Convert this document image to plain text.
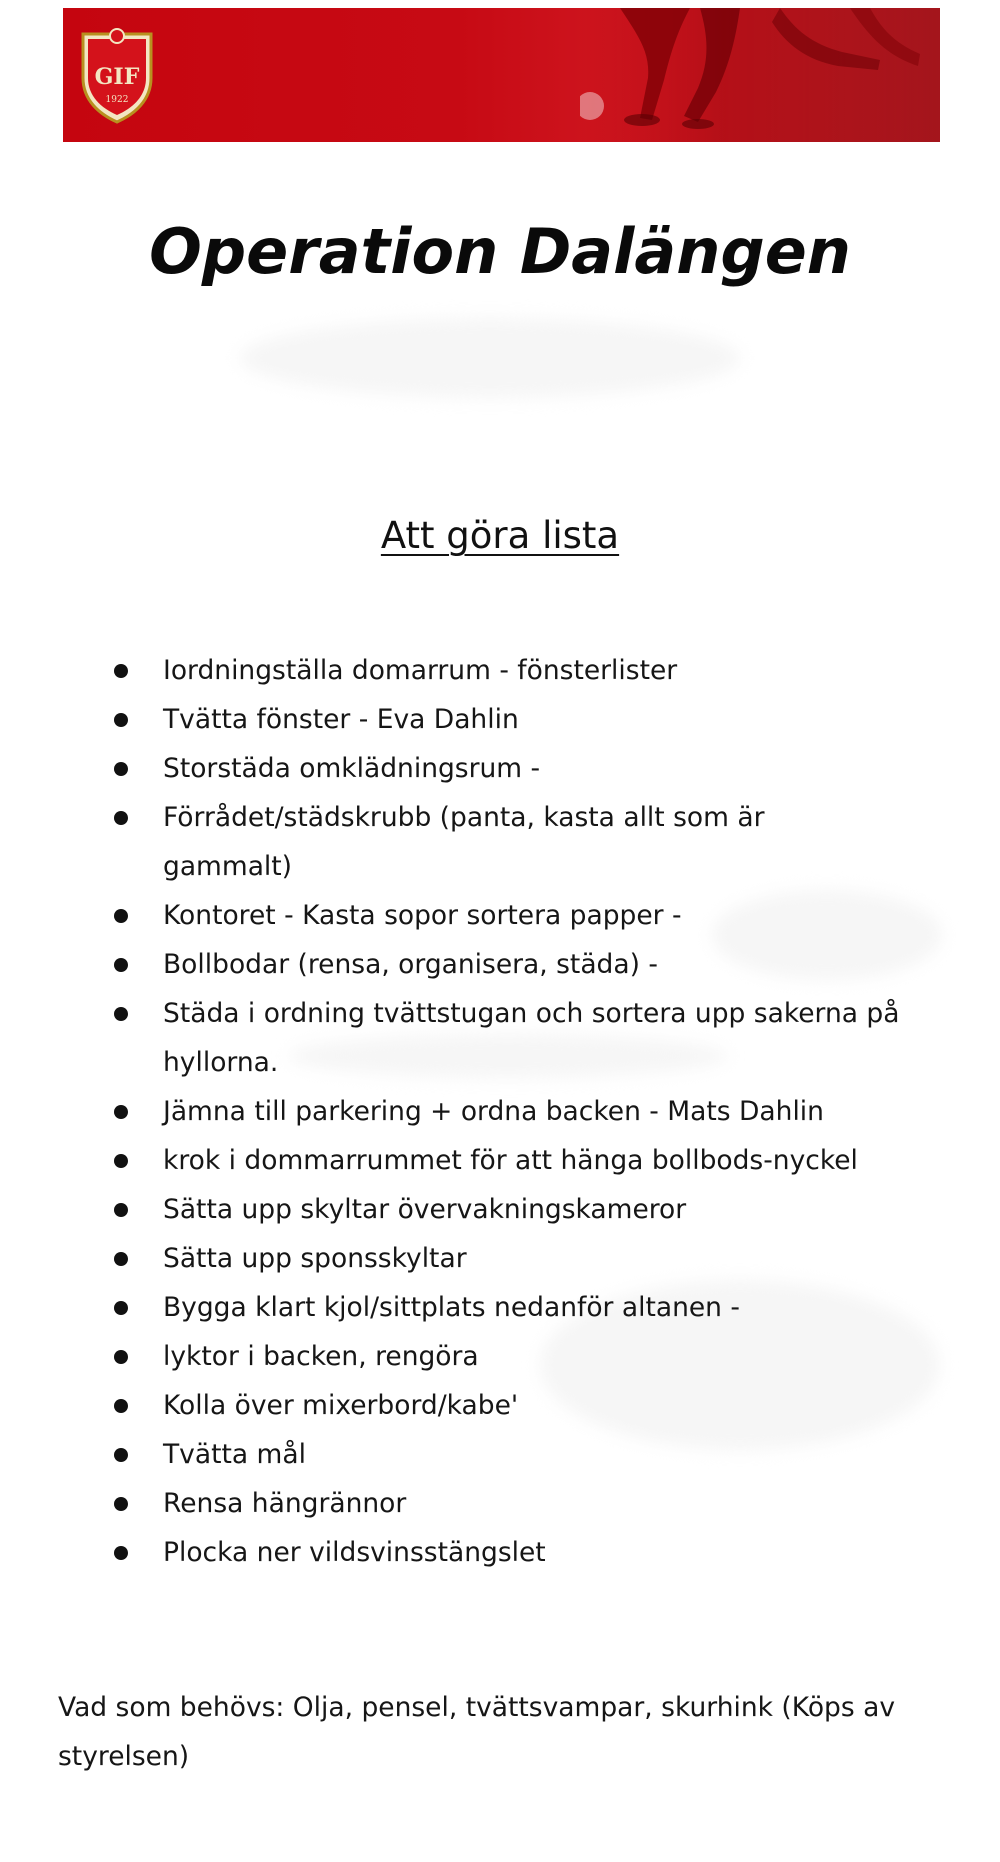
GIF
1922
Operation Dalängen
Att göra lista
Iordningställa domarrum - fönsterlister
Tvätta fönster - Eva Dahlin
Storstäda omklädningsrum -
Förrådet/städskrubb (panta, kasta allt som är gammalt)
Kontoret - Kasta sopor sortera papper -
Bollbodar (rensa, organisera, städa) -
Städa i ordning tvättstugan och sortera upp sakerna på hyllorna.
Jämna till parkering + ordna backen - Mats Dahlin
krok i dommarrummet för att hänga bollbods-nyckel
Sätta upp skyltar övervakningskameror
Sätta upp sponsskyltar
Bygga klart kjol/sittplats nedanför altanen -
lyktor i backen, rengöra
Kolla över mixerbord/kabe'
Tvätta mål
Rensa hängrännor
Plocka ner vildsvinsstängslet

Vad som behövs: Olja, pensel, tvättsvampar, skurhink (Köps av styrelsen)
